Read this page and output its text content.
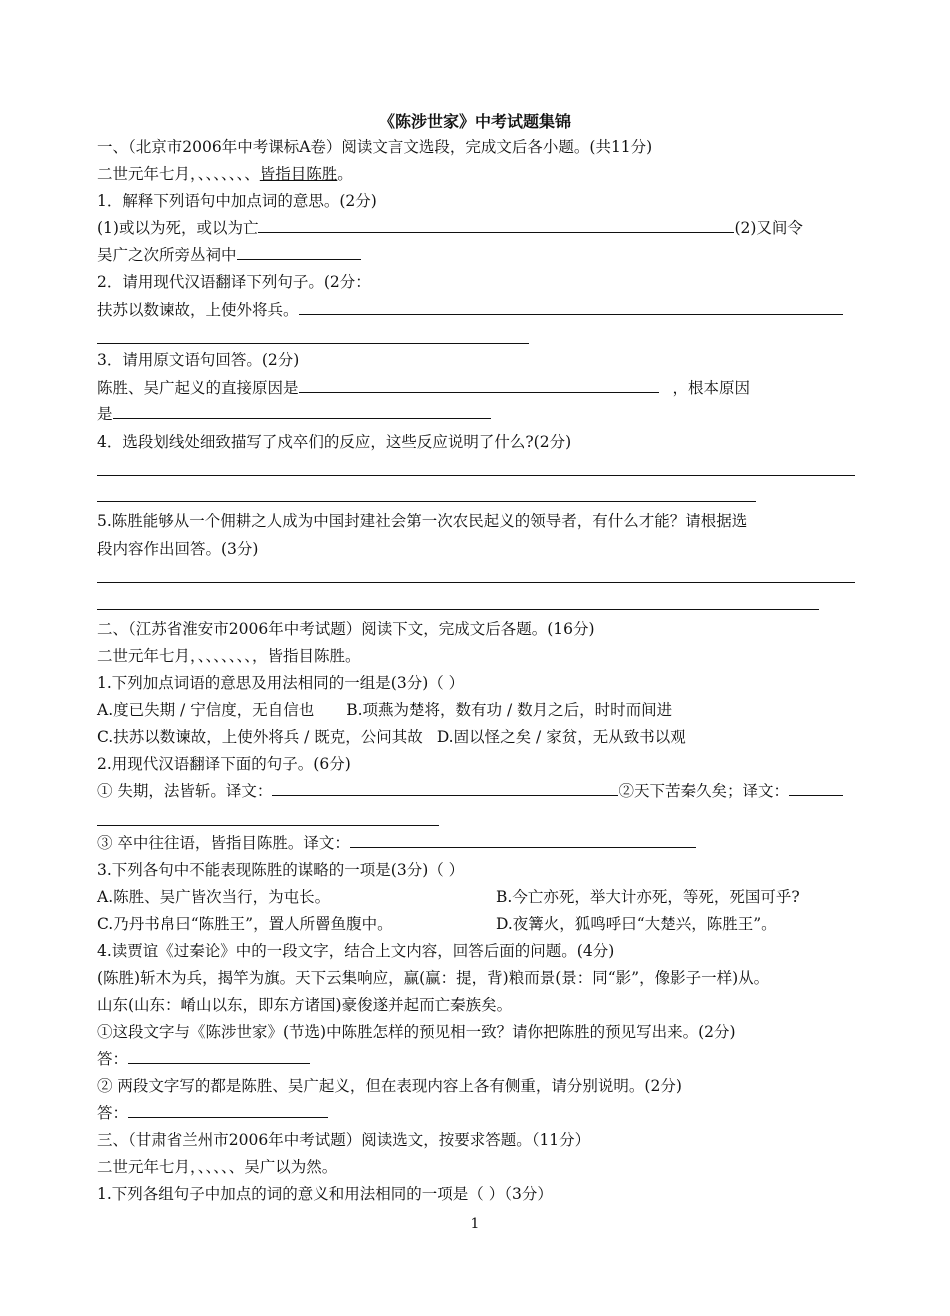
《陈涉世家》中考试题集锦
一、（北京市2006年中考课标A卷）阅读文言文选段，完成文后各小题。(共11分)
二世元年七月，、、、、、、、皆指目陈胜。
1．解释下列语句中加点词的意思。(2分)
(1)或以为死，或以为亡	(2)又间令
吴广之次所旁丛祠中
2．请用现代汉语翻译下列句子。(2分：
扶苏以数谏故，上使外将兵。
3．请用原文语句回答。(2分)
陈胜、吴广起义的直接原因是	，根本原因
是
4．选段划线处细致描写了戍卒们的反应，这些反应说明了什么?(2分)
5.陈胜能够从一个佣耕之人成为中国封建社会第一次农民起义的领导者，有什么才能？请根据选
段内容作出回答。(3分)
二、（江苏省淮安市2006年中考试题）阅读下文，完成文后各题。(16分)
二世元年七月，、、、、、、、，皆指目陈胜。
1.下列加点词语的意思及用法相同的一组是(3分)（ ）
A.度已失期 / 宁信度，无自信也 B.项燕为楚将，数有功 / 数月之后，时时而间进
C.扶苏以数谏故，上使外将兵 / 既克，公问其故 D.固以怪之矣 / 家贫，无从致书以观
2.用现代汉语翻译下面的句子。(6分)
① 失期，法皆斩。译文：	②天下苦秦久矣；译文：
③ 卒中往往语，皆指目陈胜。译文：
3.下列各句中不能表现陈胜的谋略的一项是(3分)（ ）
A.陈胜、吴广皆次当行，为屯长。	B.今亡亦死，举大计亦死，等死，死国可乎?
C.乃丹书帛曰“陈胜王”，置人所罾鱼腹中。	D.夜篝火，狐鸣呼曰“大楚兴，陈胜王”。
4.读贾谊《过秦论》中的一段文字，结合上文内容，回答后面的问题。(4分)
(陈胜)斩木为兵，揭竿为旗。天下云集响应，赢(赢：提，背)粮而景(景：同“影”，像影子一样)从。
山东(山东：崤山以东，即东方诸国)豪俊遂并起而亡秦族矣。
①这段文字与《陈涉世家》(节选)中陈胜怎样的预见相一致？请你把陈胜的预见写出来。(2分)
答：
② 两段文字写的都是陈胜、吴广起义，但在表现内容上各有侧重，请分别说明。(2分)
答：
三、（甘肃省兰州市2006年中考试题）阅读选文，按要求答题。（11分）
二世元年七月，、、、、、吴广以为然。
1.下列各组句子中加点的词的意义和用法相同的一项是（ ）（3分）
1
